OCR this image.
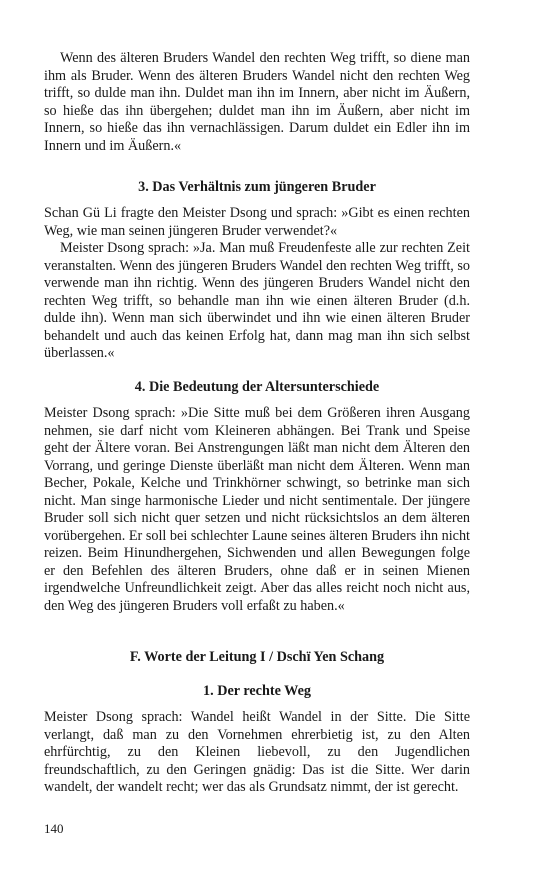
Wenn des älteren Bruders Wandel den rechten Weg trifft, so diene man ihm als Bruder. Wenn des älteren Bruders Wandel nicht den rechten Weg trifft, so dulde man ihn. Duldet man ihn im Innern, aber nicht im Äußern, so hieße das ihn übergehen; duldet man ihn im Äußern, aber nicht im Innern, so hieße das ihn vernachlässigen. Darum duldet ein Edler ihn im Innern und im Äußern.«

3. Das Verhältnis zum jüngeren Bruder

Schan Gü Li fragte den Meister Dsong und sprach: »Gibt es einen rechten Weg, wie man seinen jüngeren Bruder verwendet?«

Meister Dsong sprach: »Ja. Man muß Freudenfeste alle zur rechten Zeit veranstalten. Wenn des jüngeren Bruders Wandel den rechten Weg trifft, so verwende man ihn richtig. Wenn des jüngeren Bruders Wandel nicht den rechten Weg trifft, so behandle man ihn wie einen älteren Bruder (d.h. dulde ihn). Wenn man sich überwindet und ihn wie einen älteren Bruder behandelt und auch das keinen Erfolg hat, dann mag man ihn sich selbst überlassen.«

4. Die Bedeutung der Altersunterschiede

Meister Dsong sprach: »Die Sitte muß bei dem Größeren ihren Ausgang nehmen, sie darf nicht vom Kleineren abhängen. Bei Trank und Speise geht der Ältere voran. Bei Anstrengungen läßt man nicht dem Älteren den Vorrang, und geringe Dienste überläßt man nicht dem Älteren. Wenn man Becher, Pokale, Kelche und Trinkhörner schwingt, so betrinke man sich nicht. Man singe harmonische Lieder und nicht sentimentale. Der jüngere Bruder soll sich nicht quer setzen und nicht rücksichtslos an dem älteren vorübergehen. Er soll bei schlechter Laune seines älteren Bruders ihn nicht reizen. Beim Hinundhergehen, Sichwenden und allen Bewegungen folge er den Befehlen des älteren Bruders, ohne daß er in seinen Mienen irgendwelche Unfreundlichkeit zeigt. Aber das alles reicht noch nicht aus, den Weg des jüngeren Bruders voll erfaßt zu haben.«

F. Worte der Leitung I / Dschï Yen Schang
1. Der rechte Weg

Meister Dsong sprach: Wandel heißt Wandel in der Sitte. Die Sitte verlangt, daß man zu den Vornehmen ehrerbietig ist, zu den Alten ehrfürchtig, zu den Kleinen liebevoll, zu den Jugendlichen freundschaftlich, zu den Geringen gnädig: Das ist die Sitte. Wer darin wandelt, der wandelt recht; wer das als Grundsatz nimmt, der ist gerecht.

140
